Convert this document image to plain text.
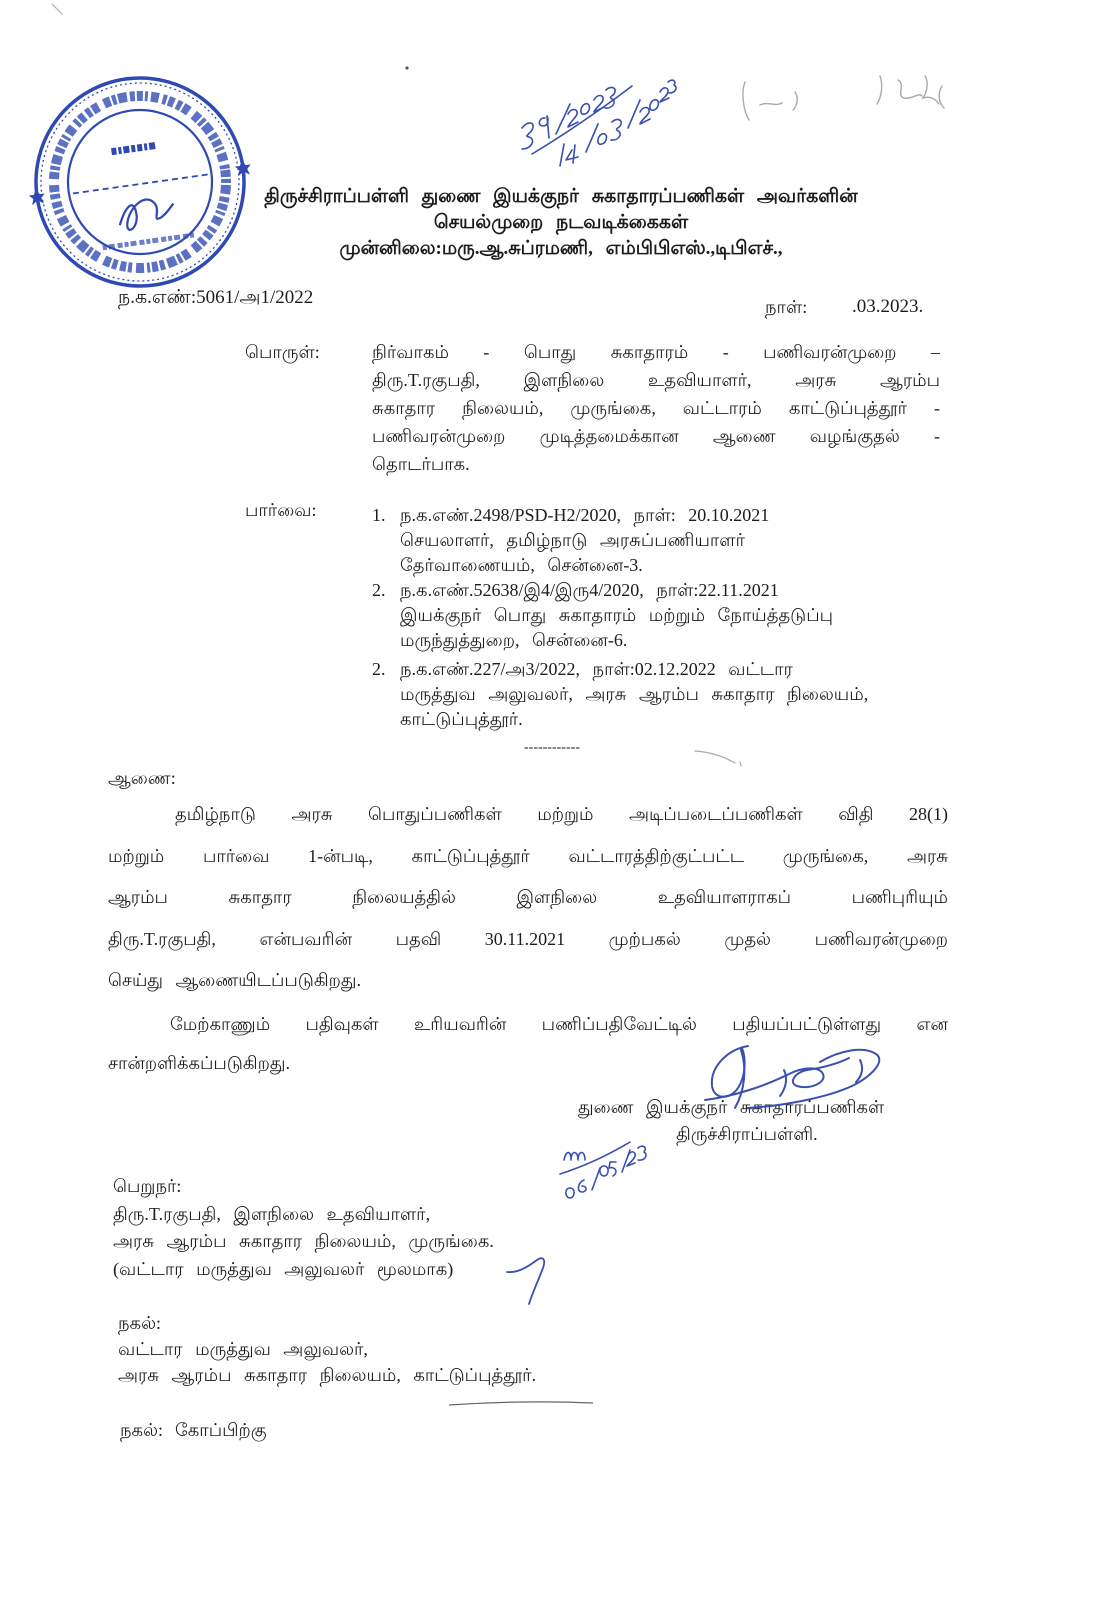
திருச்சிராப்பள்ளி துணை இயக்குநர் சுகாதாரப்பணிகள் அவர்களின்
செயல்முறை நடவடிக்கைகள்
முன்னிலை:மரு.ஆ.சுப்ரமணி, எம்பிபிஎஸ்.,டிபிஎச்.,
ந.க.எண்:5061/அ1/2022	நாள்: .03.2023.
பொருள்:	நிர்வாகம் - பொது சுகாதாரம் - பணிவரன்முறை –
திரு.T.ரகுபதி, இளநிலை உதவியாளர், அரசு ஆரம்ப
சுகாதார நிலையம், முருங்கை, வட்டாரம் காட்டுப்புத்தூர் -
பணிவரன்முறை முடித்தமைக்கான ஆணை வழங்குதல் -
தொடர்பாக.
பார்வை:	1. ந.க.எண்.2498/PSD-H2/2020, நாள்: 20.10.2021
செயலாளர், தமிழ்நாடு அரசுப்பணியாளர்
தேர்வாணையம், சென்னை-3.
2. ந.க.எண்.52638/இ4/இரு4/2020, நாள்:22.11.2021
இயக்குநர் பொது சுகாதாரம் மற்றும் நோய்த்தடுப்பு
மருந்துத்துறை, சென்னை-6.
2. ந.க.எண்.227/அ3/2022, நாள்:02.12.2022 வட்டார
மருத்துவ அலுவலர், அரசு ஆரம்ப சுகாதார நிலையம்,
காட்டுப்புத்தூர்.
------------
ஆணை:
தமிழ்நாடு அரசு பொதுப்பணிகள் மற்றும் அடிப்படைப்பணிகள் விதி 28(1)
மற்றும் பார்வை 1-ன்படி, காட்டுப்புத்தூர் வட்டாரத்திற்குட்பட்ட முருங்கை, அரசு
ஆரம்ப சுகாதார நிலையத்தில் இளநிலை உதவியாளராகப் பணிபுரியும்
திரு.T.ரகுபதி, என்பவரின் பதவி 30.11.2021 முற்பகல் முதல் பணிவரன்முறை
செய்து ஆணையிடப்படுகிறது.
மேற்காணும் பதிவுகள் உரியவரின் பணிப்பதிவேட்டில் பதியப்பட்டுள்ளது என
சான்றளிக்கப்படுகிறது.
துணை இயக்குநர் சுகாதாரப்பணிகள்
திருச்சிராப்பள்ளி.
பெறுநர்:
திரு.T.ரகுபதி, இளநிலை உதவியாளர்,
அரசு ஆரம்ப சுகாதார நிலையம், முருங்கை.
(வட்டார மருத்துவ அலுவலர் மூலமாக)
நகல்:
வட்டார மருத்துவ அலுவலர்,
அரசு ஆரம்ப சுகாதார நிலையம், காட்டுப்புத்தூர்.
நகல்: கோப்பிற்கு
